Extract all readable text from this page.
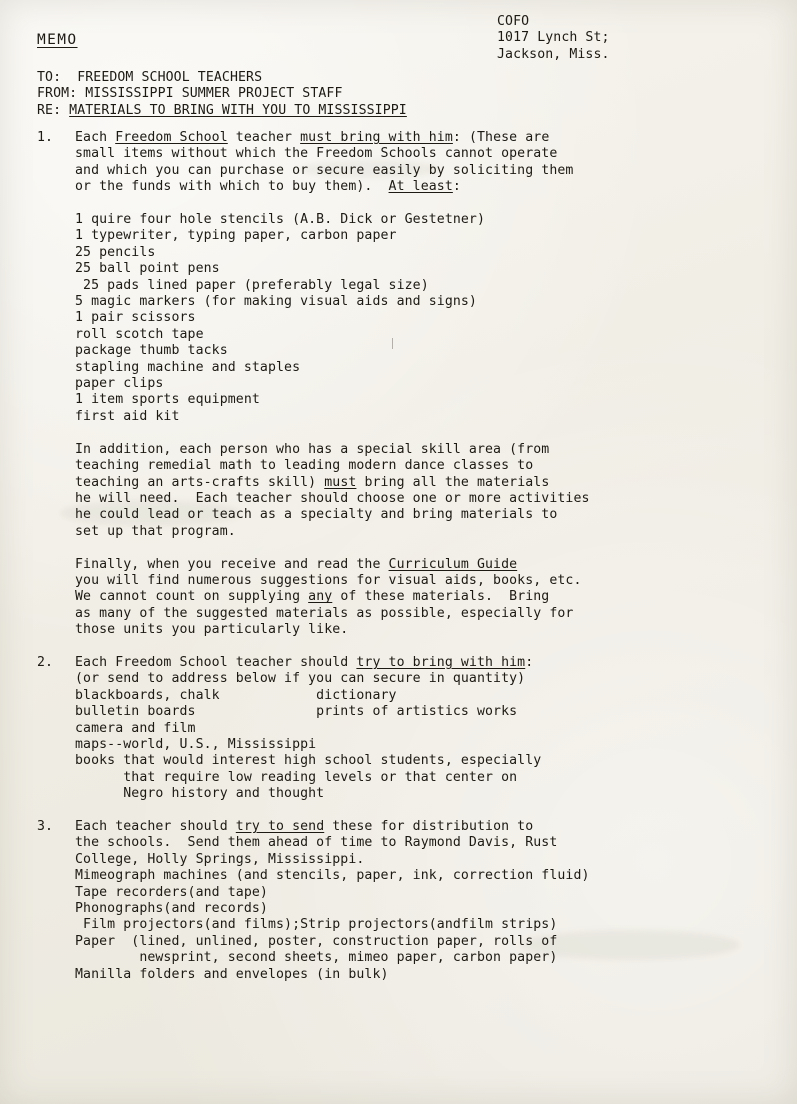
COFO
1017 Lynch St;
Jackson, Miss.
MEMO
TO:  FREEDOM SCHOOL TEACHERS
FROM: MISSISSIPPI SUMMER PROJECT STAFF
RE: MATERIALS TO BRING WITH YOU TO MISSISSIPPI
1.	Each Freedom School teacher must bring with him: (These are
small items without which the Freedom Schools cannot operate
and which you can purchase or secure easily by soliciting them
or the funds with which to buy them).  At least:
1 quire four hole stencils (A.B. Dick or Gestetner)
1 typewriter, typing paper, carbon paper
25 pencils
25 ball point pens
25 pads lined paper (preferably legal size)
5 magic markers (for making visual aids and signs)
1 pair scissors
roll scotch tape
package thumb tacks
stapling machine and staples
paper clips
1 item sports equipment
first aid kit
In addition, each person who has a special skill area (from
teaching remedial math to leading modern dance classes to
teaching an arts-crafts skill) must bring all the materials
he will need.  Each teacher should choose one or more activities
he could lead or teach as a specialty and bring materials to
set up that program.
Finally, when you receive and read the Curriculum Guide
you will find numerous suggestions for visual aids, books, etc.
We cannot count on supplying any of these materials.  Bring
as many of the suggested materials as possible, especially for
those units you particularly like.
2.	Each Freedom School teacher should try to bring with him:
(or send to address below if you can secure in quantity)
blackboards, chalk            dictionary
bulletin boards               prints of artistics works
camera and film
maps--world, U.S., Mississippi
books that would interest high school students, especially
that require low reading levels or that center on
Negro history and thought
3.	Each teacher should try to send these for distribution to
the schools.  Send them ahead of time to Raymond Davis, Rust
College, Holly Springs, Mississippi.
Mimeograph machines (and stencils, paper, ink, correction fluid)
Tape recorders(and tape)
Phonographs(and records)
Film projectors(and films);Strip projectors(andfilm strips)
Paper  (lined, unlined, poster, construction paper, rolls of
newsprint, second sheets, mimeo paper, carbon paper)
Manilla folders and envelopes (in bulk)
